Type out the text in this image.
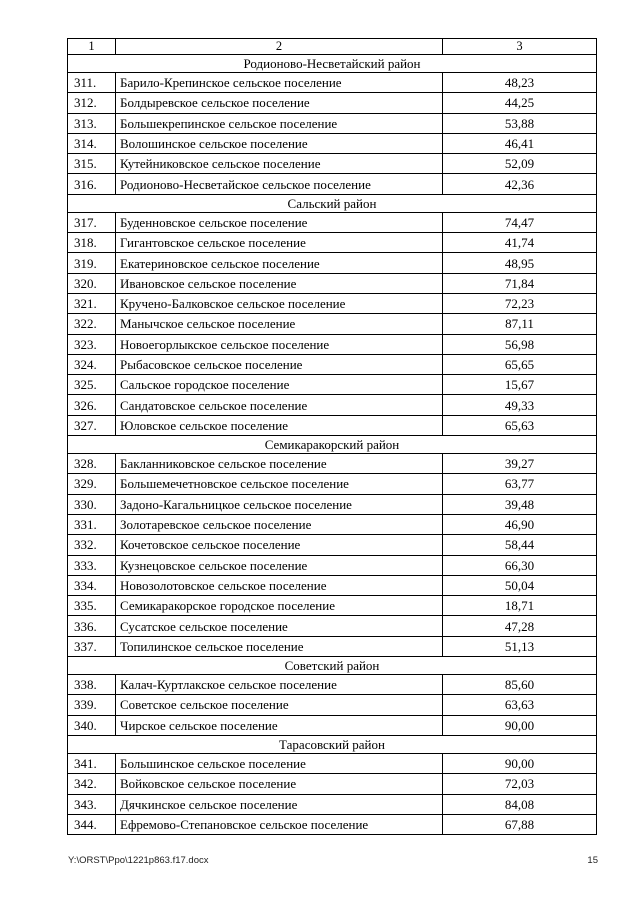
1	2	3
Родионово-Несветайский район		
311.	Барило-Крепинское сельское поселение	48,23
312.	Болдыревское сельское поселение	44,25
313.	Большекрепинское сельское поселение	53,88
314.	Волошинское сельское поселение	46,41
315.	Кутейниковское сельское поселение	52,09
316.	Родионово-Несветайское сельское поселение	42,36
Сальский район		
317.	Буденновское сельское поселение	74,47
318.	Гигантовское сельское поселение	41,74
319.	Екатериновское сельское поселение	48,95
320.	Ивановское сельское поселение	71,84
321.	Кручено-Балковское сельское поселение	72,23
322.	Манычское сельское поселение	87,11
323.	Новоегорлыкское сельское поселение	56,98
324.	Рыбасовское сельское поселение	65,65
325.	Сальское городское поселение	15,67
326.	Сандатовское сельское поселение	49,33
327.	Юловское сельское поселение	65,63
Семикаракорский район		
328.	Бакланниковское сельское поселение	39,27
329.	Большемечетновское сельское поселение	63,77
330.	Задоно-Кагальницкое сельское поселение	39,48
331.	Золотаревское сельское поселение	46,90
332.	Кочетовское сельское поселение	58,44
333.	Кузнецовское сельское поселение	66,30
334.	Новозолотовское сельское поселение	50,04
335.	Семикаракорское городское поселение	18,71
336.	Сусатское сельское поселение	47,28
337.	Топилинское сельское поселение	51,13
Советский район		
338.	Калач-Куртлакское сельское поселение	85,60
339.	Советское сельское поселение	63,63
340.	Чирское сельское поселение	90,00
Тарасовский район		
341.	Большинское сельское поселение	90,00
342.	Войковское сельское поселение	72,03
343.	Дячкинское сельское поселение	84,08
344.	Ефремово-Степановское сельское поселение	67,88
Y:\ORST\Ppo\1221p863.f17.docx	15
